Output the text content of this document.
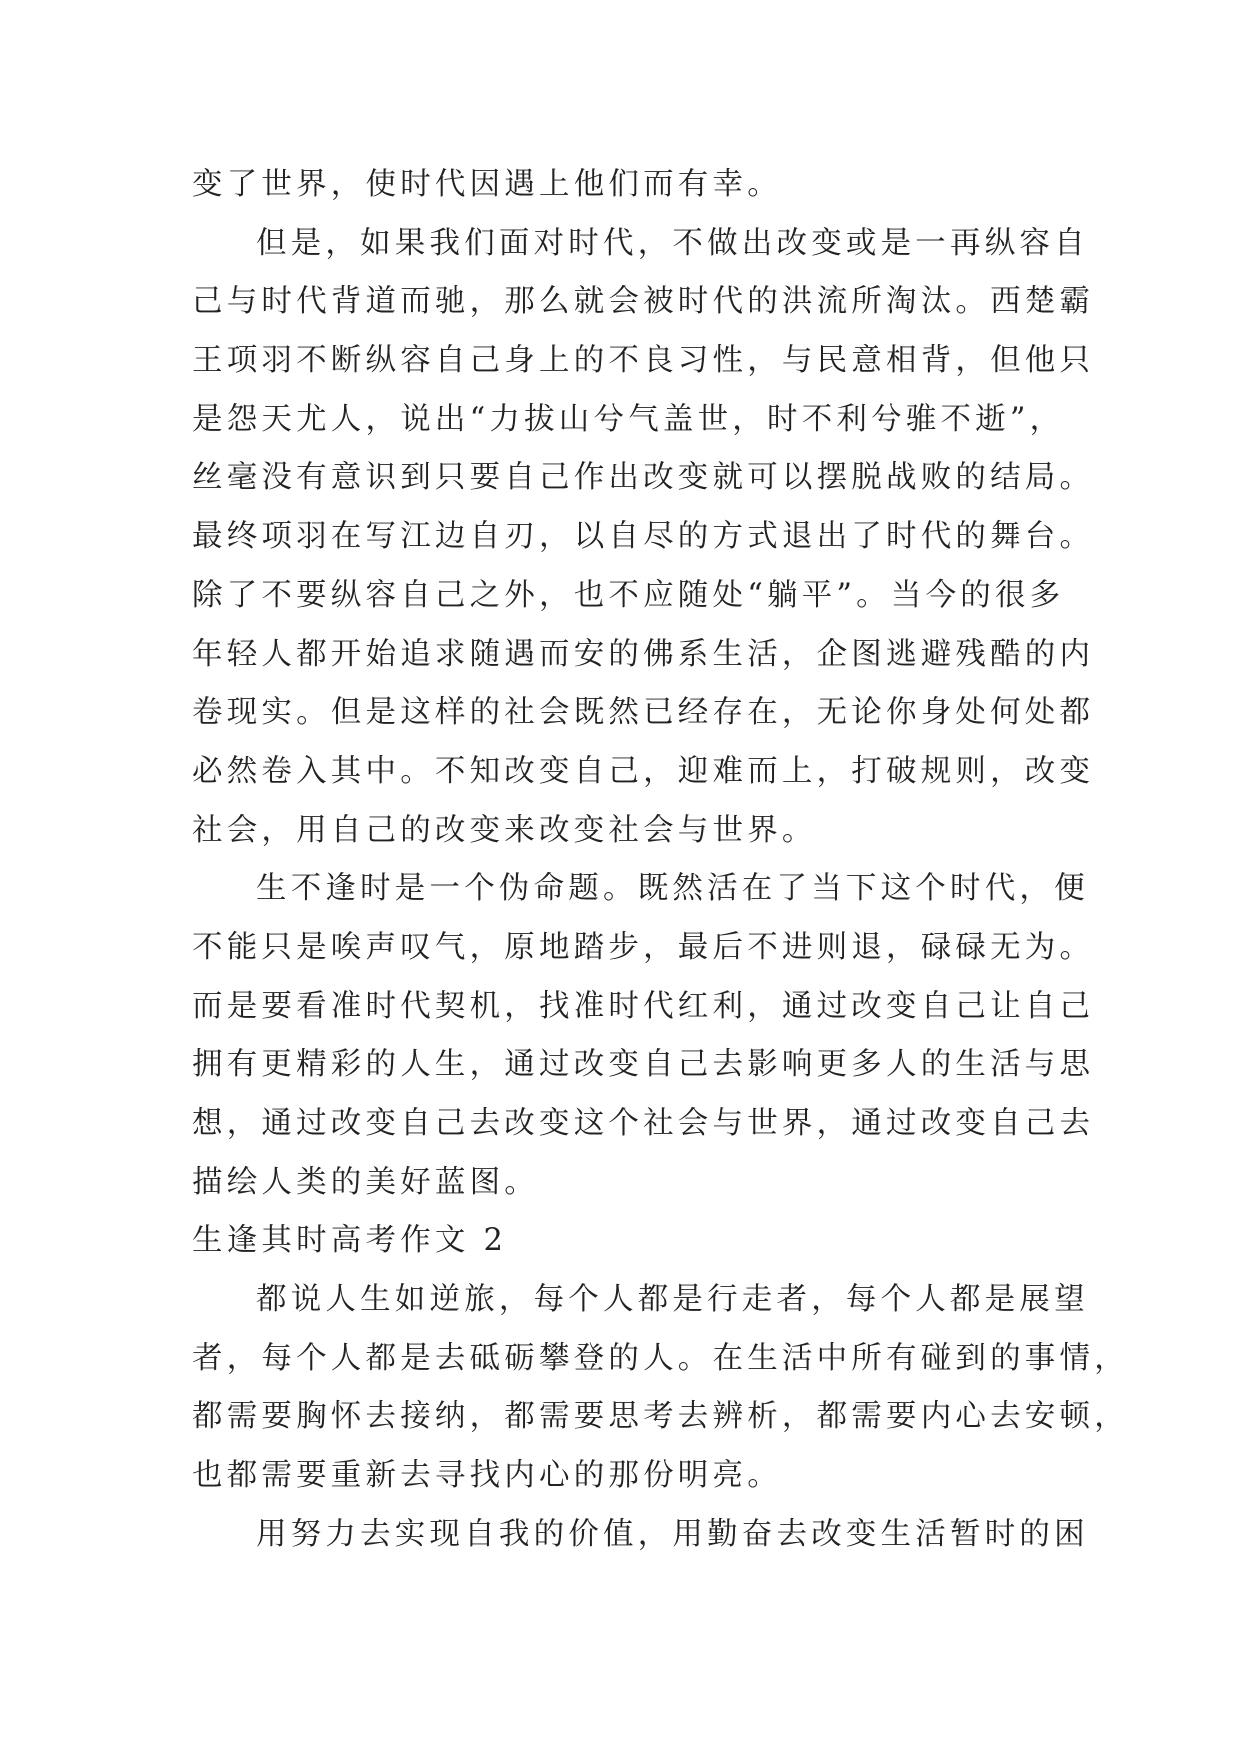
变了世界，使时代因遇上他们而有幸。
但是，如果我们面对时代，不做出改变或是一再纵容自
己与时代背道而驰，那么就会被时代的洪流所淘汰。西楚霸
王项羽不断纵容自己身上的不良习性，与民意相背，但他只
是怨天尤人，说出“力拔山兮气盖世，时不利兮骓不逝”，
丝毫没有意识到只要自己作出改变就可以摆脱战败的结局。
最终项羽在写江边自刃，以自尽的方式退出了时代的舞台。
除了不要纵容自己之外，也不应随处“躺平”。当今的很多
年轻人都开始追求随遇而安的佛系生活，企图逃避残酷的内
卷现实。但是这样的社会既然已经存在，无论你身处何处都
必然卷入其中。不知改变自己，迎难而上，打破规则，改变
社会，用自己的改变来改变社会与世界。
生不逢时是一个伪命题。既然活在了当下这个时代，便
不能只是唉声叹气，原地踏步，最后不进则退，碌碌无为。
而是要看准时代契机，找准时代红利，通过改变自己让自己
拥有更精彩的人生，通过改变自己去影响更多人的生活与思
想，通过改变自己去改变这个社会与世界，通过改变自己去
描绘人类的美好蓝图。
生逢其时高考作文 2
都说人生如逆旅，每个人都是行走者，每个人都是展望
者，每个人都是去砥砺攀登的人。在生活中所有碰到的事情，
都需要胸怀去接纳，都需要思考去辨析，都需要内心去安顿，
也都需要重新去寻找内心的那份明亮。
用努力去实现自我的价值，用勤奋去改变生活暂时的困
